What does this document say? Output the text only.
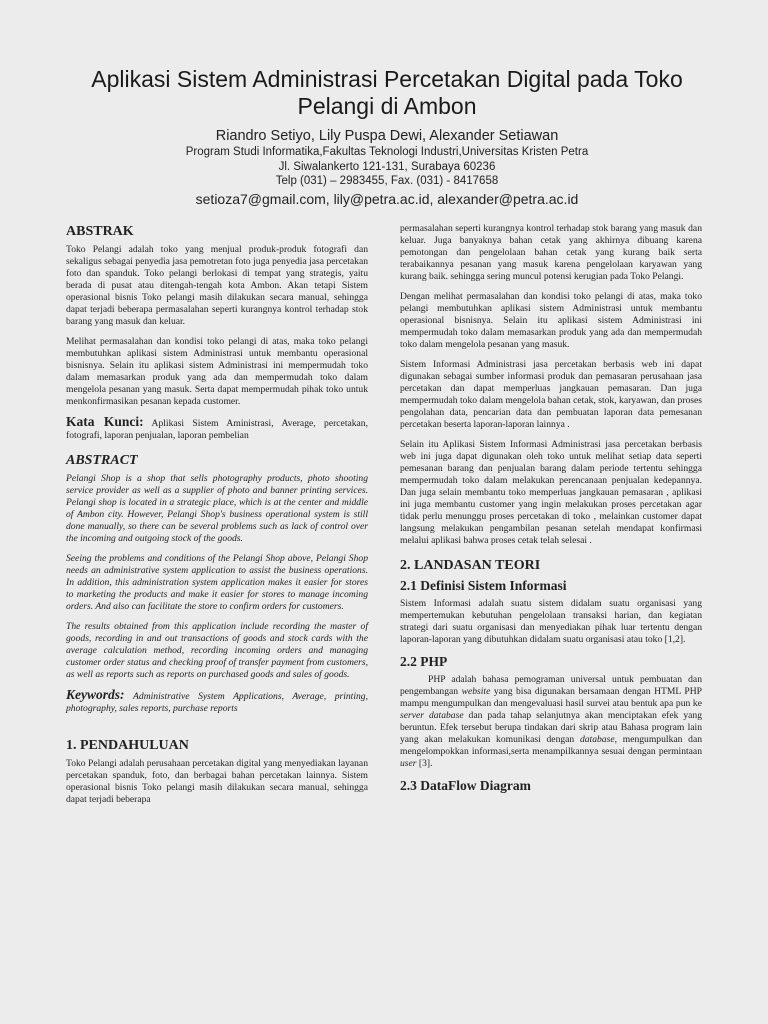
Aplikasi Sistem Administrasi Percetakan Digital pada Toko Pelangi di Ambon
Riandro Setiyo, Lily Puspa Dewi, Alexander Setiawan
Program Studi Informatika,Fakultas Teknologi Industri,Universitas Kristen Petra
Jl. Siwalankerto 121-131, Surabaya 60236
Telp (031) – 2983455, Fax. (031) - 8417658
setioza7@gmail.com, lily@petra.ac.id, alexander@petra.ac.id
ABSTRAK

Toko Pelangi adalah toko yang menjual produk-produk fotografi dan sekaligus sebagai penyedia jasa pemotretan foto juga penyedia jasa percetakan foto dan spanduk. Toko pelangi berlokasi di tempat yang strategis, yaitu berada di pusat atau ditengah-tengah kota Ambon. Akan tetapi Sistem operasional bisnis Toko pelangi masih dilakukan secara manual, sehingga dapat terjadi beberapa permasalahan seperti kurangnya kontrol terhadap stok barang yang masuk dan keluar.

Melihat permasalahan dan kondisi toko pelangi di atas, maka toko pelangi membutuhkan aplikasi sistem Administrasi untuk membantu operasional bisnisnya. Selain itu aplikasi sistem Administrasi ini mempermudah toko dalam memasarkan produk yang ada dan mempermudah toko dalam mengelola pesanan yang masuk. Serta dapat mempermudah pihak toko untuk menkonfirmasikan pesanan kepada customer.

Kata Kunci: Aplikasi Sistem Aministrasi, Average, percetakan, fotografi, laporan penjualan, laporan pembelian
ABSTRACT

Pelangi Shop is a shop that sells photography products, photo shooting service provider as well as a supplier of photo and banner printing services. Pelangi shop is located in a strategic place, which is at the center and middle of Ambon city. However, Pelangi Shop's business operational system is still done manually, so there can be several problems such as lack of control over the incoming and outgoing stock of the goods.

Seeing the problems and conditions of the Pelangi Shop above, Pelangi Shop needs an administrative system application to assist the business operations. In addition, this administration system application makes it easier for stores to marketing the products and make it easier for stores to manage incoming orders. And also can facilitate the store to confirm orders for customers.

The results obtained from this application include recording the master of goods, recording in and out transactions of goods and stock cards with the average calculation method, recording incoming orders and managing customer order status and checking proof of transfer payment from customers, as well as reports such as reports on purchased goods and sales of goods.

Keywords: Administrative System Applications, Average, printing, photography, sales reports, purchase reports
1. PENDAHULUAN

Toko Pelangi adalah perusahaan percetakan digital yang menyediakan layanan percetakan spanduk, foto, dan berbagai bahan percetakan lainnya. Sistem operasional bisnis Toko pelangi masih dilakukan secara manual, sehingga dapat terjadi beberapa

permasalahan seperti kurangnya kontrol terhadap stok barang yang masuk dan keluar. Juga banyaknya bahan cetak yang akhirnya dibuang karena pemotongan dan pengelolaan bahan cetak yang kurang baik serta terabaikannya pesanan yang masuk karena pengelolaan karyawan yang kurang baik. sehingga sering muncul potensi kerugian pada Toko Pelangi.

Dengan melihat permasalahan dan kondisi toko pelangi di atas, maka toko pelangi membutuhkan aplikasi sistem Administrasi untuk membantu operasional bisnisnya. Selain itu aplikasi sistem Administrasi ini mempermudah toko dalam memasarkan produk yang ada dan mempermudah toko dalam mengelola pesanan yang masuk.

Sistem Informasi Administrasi jasa percetakan berbasis web ini dapat digunakan sebagai sumber informasi produk dan pemasaran perusahaan jasa percetakan dan dapat memperluas jangkauan pemasaran. Dan juga mempermudah toko dalam mengelola bahan cetak, stok, karyawan, dan proses pengolahan data, pencarian data dan pembuatan laporan data pemesanan percetakan beserta laporan-laporan lainnya .

Selain itu Aplikasi Sistem Informasi Administrasi jasa percetakan berbasis web ini juga dapat digunakan oleh toko untuk melihat setiap data seperti pemesanan barang dan penjualan barang dalam periode tertentu sehingga mempermudah toko dalam melakukan perencanaan penjualan kedepannya. Dan juga selain membantu toko memperluas jangkauan pemasaran , aplikasi ini juga membantu customer yang ingin melakukan proses percetakan agar tidak perlu menunggu proses percetakan di toko , melainkan customer dapat langsung melakukan pengambilan pesanan setelah mendapat konfirmasi melalui aplikasi bahwa proses cetak telah selesai .

2. LANDASAN TEORI
2.1 Definisi Sistem Informasi

Sistem Informasi adalah suatu sistem didalam suatu organisasi yang mempertemukan kebutuhan pengelolaan transaksi harian, dan kegiatan strategi dari suatu organisasi dan menyediakan pihak luar tertentu dengan laporan-laporan yang dibutuhkan didalam suatu organisasi atau toko [1,2].

2.2 PHP

PHP adalah bahasa pemograman universal untuk pembuatan dan pengembangan website yang bisa digunakan bersamaan dengan HTML PHP mampu mengumpulkan dan mengevaluasi hasil survei atau bentuk apa pun ke server database dan pada tahap selanjutnya akan menciptakan efek yang beruntun. Efek tersebut berupa tindakan dari skrip atau Bahasa program lain yang akan melakukan komunikasi dengan database, mengumpulkan dan mengelompokkan informasi,serta menampilkannya sesuai dengan permintaan user [3].

2.3 DataFlow Diagram
